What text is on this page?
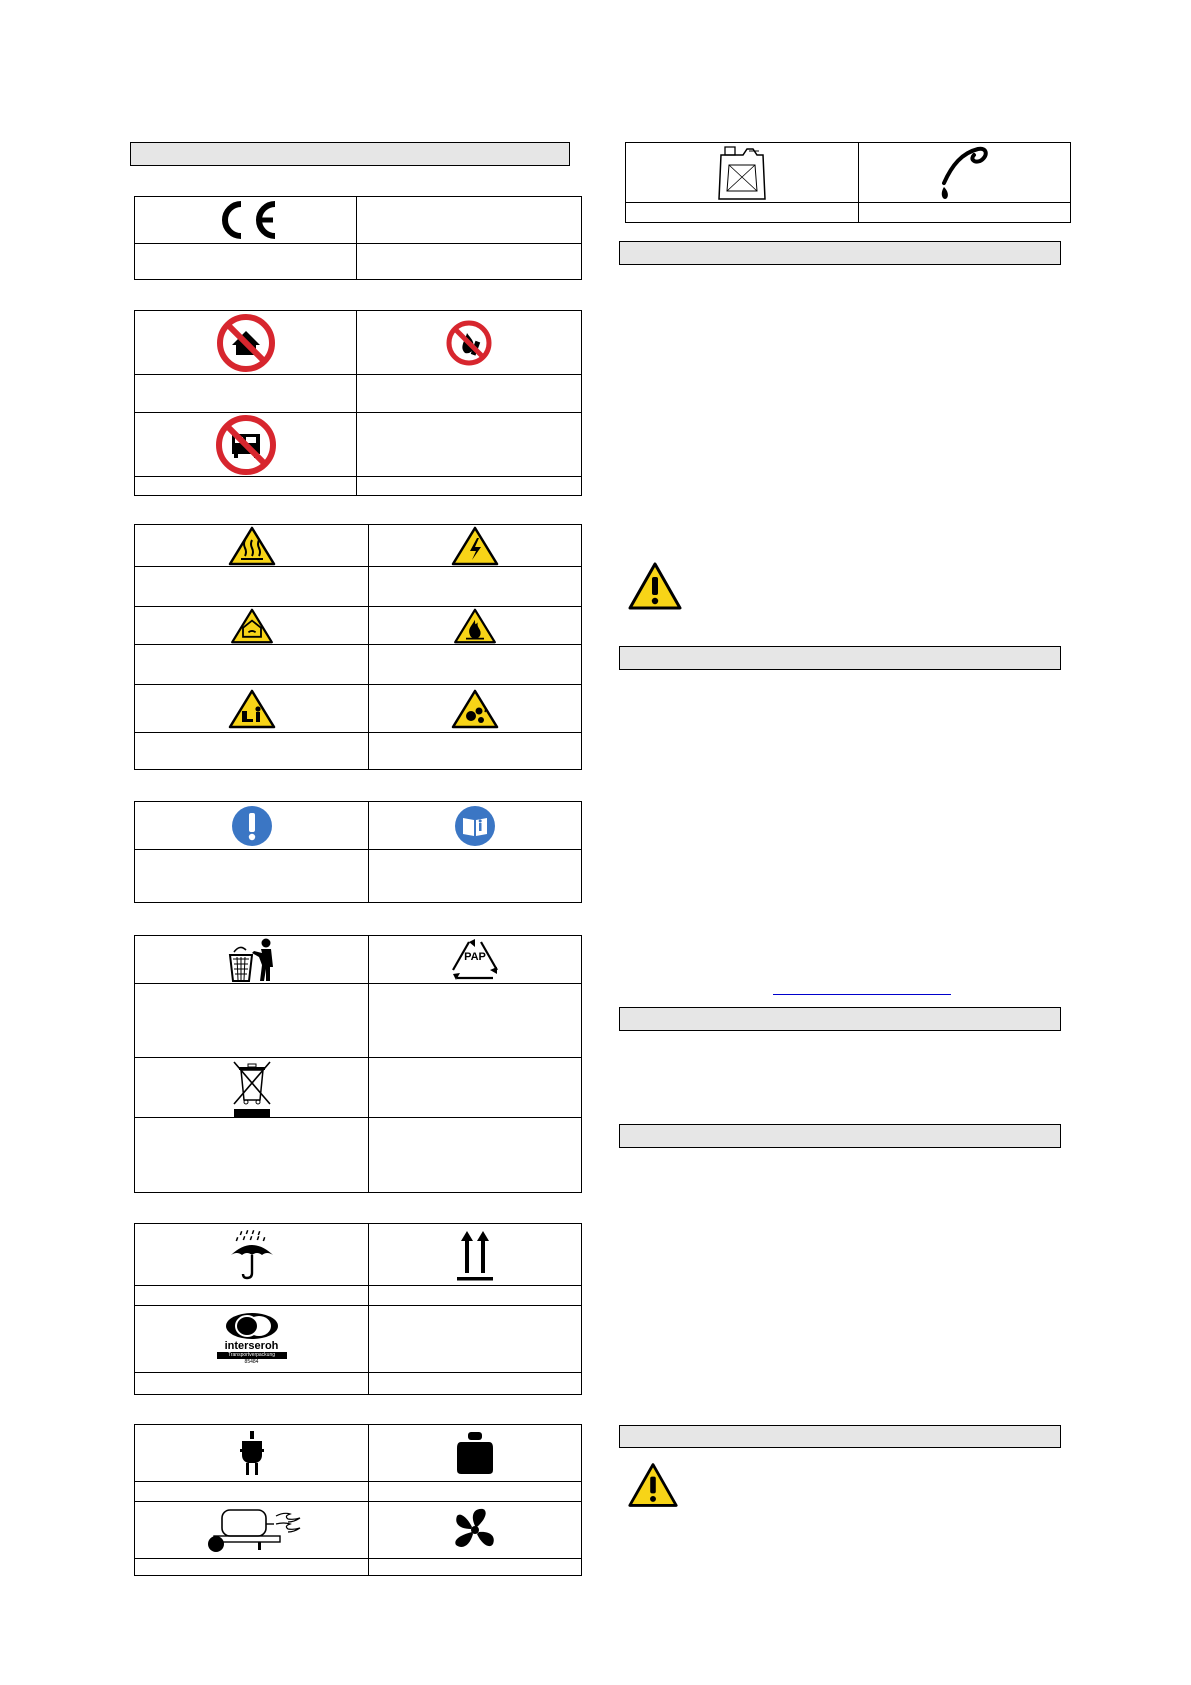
PAP
interseroh
Transportverpackung
85484
